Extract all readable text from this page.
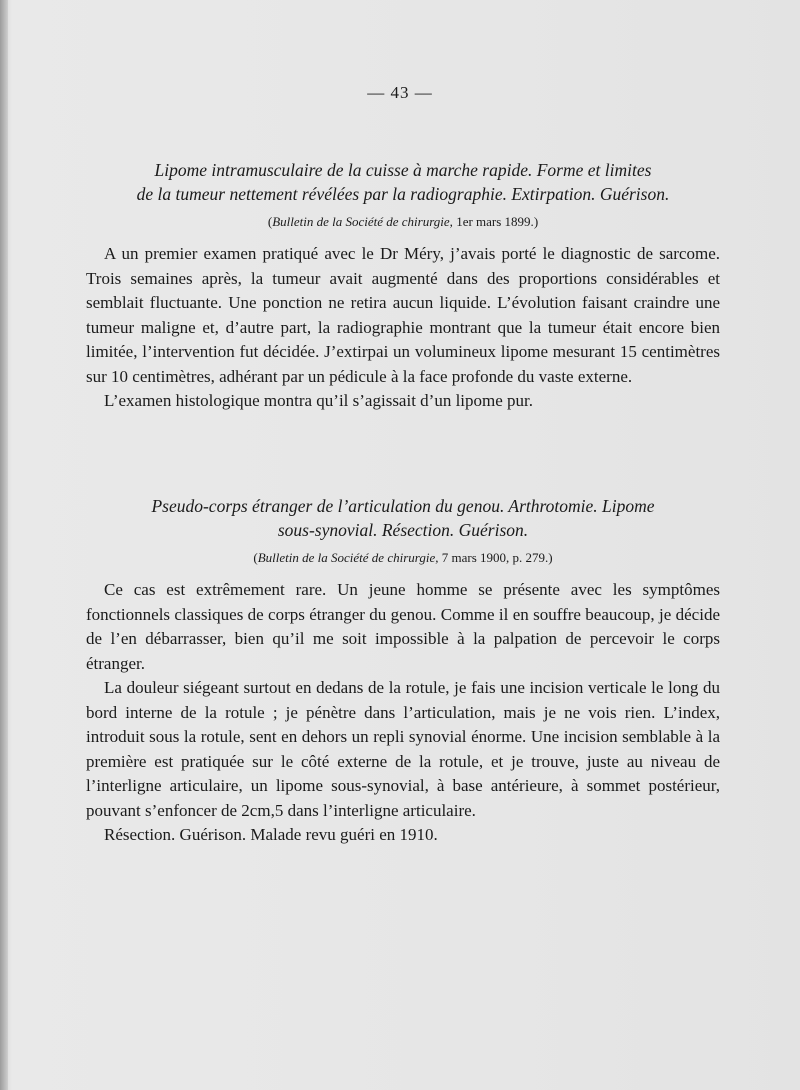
— 43 —

Lipome intramusculaire de la cuisse à marche rapide. Forme et limites
de la tumeur nettement révélées par la radiographie. Extirpation. Guérison.

(Bulletin de la Société de chirurgie, 1er mars 1899.)

A un premier examen pratiqué avec le Dr Méry, j’avais porté le diagnostic de sarcome. Trois semaines après, la tumeur avait augmenté dans des proportions considérables et semblait fluctuante. Une ponction ne retira aucun liquide. L’évolution faisant craindre une tumeur maligne et, d’autre part, la radiographie montrant que la tumeur était encore bien limitée, l’intervention fut décidée. J’extirpai un volumineux lipome mesurant 15 centimètres sur 10 centimètres, adhérant par un pédicule à la face profonde du vaste externe.

L’examen histologique montra qu’il s’agissait d’un lipome pur.

Pseudo-corps étranger de l’articulation du genou. Arthrotomie. Lipome
sous-synovial. Résection. Guérison.

(Bulletin de la Société de chirurgie, 7 mars 1900, p. 279.)

Ce cas est extrêmement rare. Un jeune homme se présente avec les symptômes fonctionnels classiques de corps étranger du genou. Comme il en souffre beaucoup, je décide de l’en débarrasser, bien qu’il me soit impossible à la palpation de percevoir le corps étranger.

La douleur siégeant surtout en dedans de la rotule, je fais une incision verticale le long du bord interne de la rotule ; je pénètre dans l’articulation, mais je ne vois rien. L’index, introduit sous la rotule, sent en dehors un repli synovial énorme. Une incision semblable à la première est pratiquée sur le côté externe de la rotule, et je trouve, juste au niveau de l’interligne articulaire, un lipome sous-synovial, à base antérieure, à sommet postérieur, pouvant s’enfoncer de 2cm,5 dans l’interligne articulaire.

Résection. Guérison. Malade revu guéri en 1910.
